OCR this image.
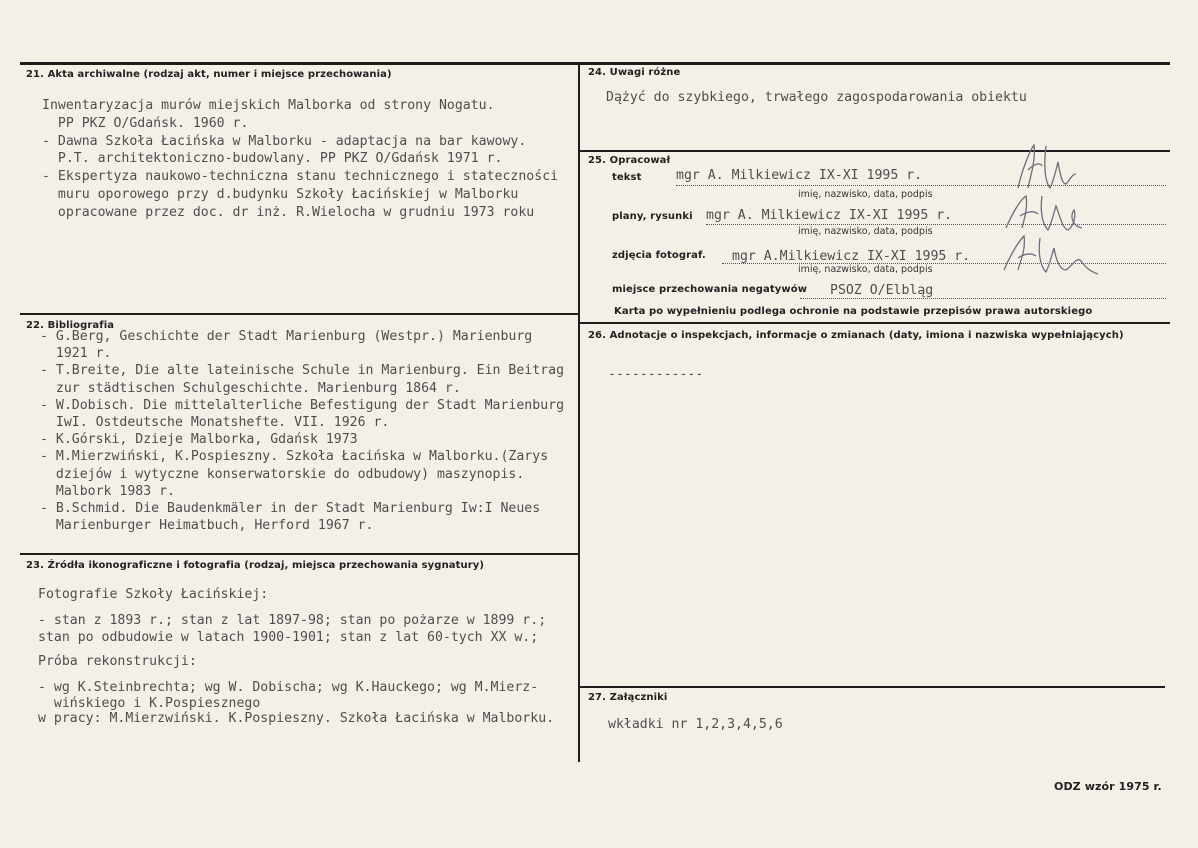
21. Akta archiwalne (rodzaj akt, numer i miejsce przechowania)
Inwentaryzacja murów miejskich Malborka od strony Nogatu.
PP PKZ O/Gdańsk. 1960 r.
- Dawna Szkoła Łacińska w Malborku - adaptacja na bar kawowy.
P.T. architektoniczno-budowlany. PP PKZ O/Gdańsk 1971 r.
- Ekspertyza naukowo-techniczna stanu technicznego i stateczności
muru oporowego przy d.budynku Szkoły Łacińskiej w Malborku
opracowane przez doc. dr inż. R.Wielocha w grudniu 1973 roku
22. Bibliografia
- G.Berg, Geschichte der Stadt Marienburg (Westpr.) Marienburg
1921 r.
- T.Breite, Die alte lateinische Schule in Marienburg. Ein Beitrag
zur städtischen Schulgeschichte. Marienburg 1864 r.
- W.Dobisch. Die mittelalterliche Befestigung der Stadt Marienburg
IwI. Ostdeutsche Monatshefte. VII. 1926 r.
- K.Górski, Dzieje Malborka, Gdańsk 1973
- M.Mierzwiński, K.Pospieszny. Szkoła Łacińska w Malborku.(Zarys
dziejów i wytyczne konserwatorskie do odbudowy) maszynopis.
Malbork 1983 r.
- B.Schmid. Die Baudenkmäler in der Stadt Marienburg Iw:I Neues
Marienburger Heimatbuch, Herford 1967 r.
23. Źródła ikonograficzne i fotografia (rodzaj, miejsca przechowania sygnatury)
Fotografie Szkoły Łacińskiej:
- stan z 1893 r.; stan z lat 1897-98; stan po pożarze w 1899 r.;
stan po odbudowie w latach 1900-1901; stan z lat 60-tych XX w.;
Próba rekonstrukcji:
- wg K.Steinbrechta; wg W. Dobischa; wg K.Hauckego; wg M.Mierz-
wińskiego i K.Pospiesznego
w pracy: M.Mierzwiński. K.Pospieszny. Szkoła Łacińska w Malborku.
24. Uwagi różne
Dążyć do szybkiego, trwałego zagospodarowania obiektu
25. Opracował
tekst	mgr A. Milkiewicz IX-XI 1995 r.
imię, nazwisko, data, podpis
plany, rysunki mgr A. Milkiewicz IX-XI 1995 r.
imię, nazwisko, data, podpis
zdjęcia fotograf. mgr A.Milkiewicz IX-XI 1995 r.
imię, nazwisko, data, podpis
miejsce przechowania negatywów PSOZ O/Elbląg
Karta po wypełnieniu podlega ochronie na podstawie przepisów prawa autorskiego
26. Adnotacje o inspekcjach, informacje o zmianach (daty, imiona i nazwiska wypełniających)
------------
27. Załączniki
wkładki nr 1,2,3,4,5,6
ODZ wzór 1975 r.
